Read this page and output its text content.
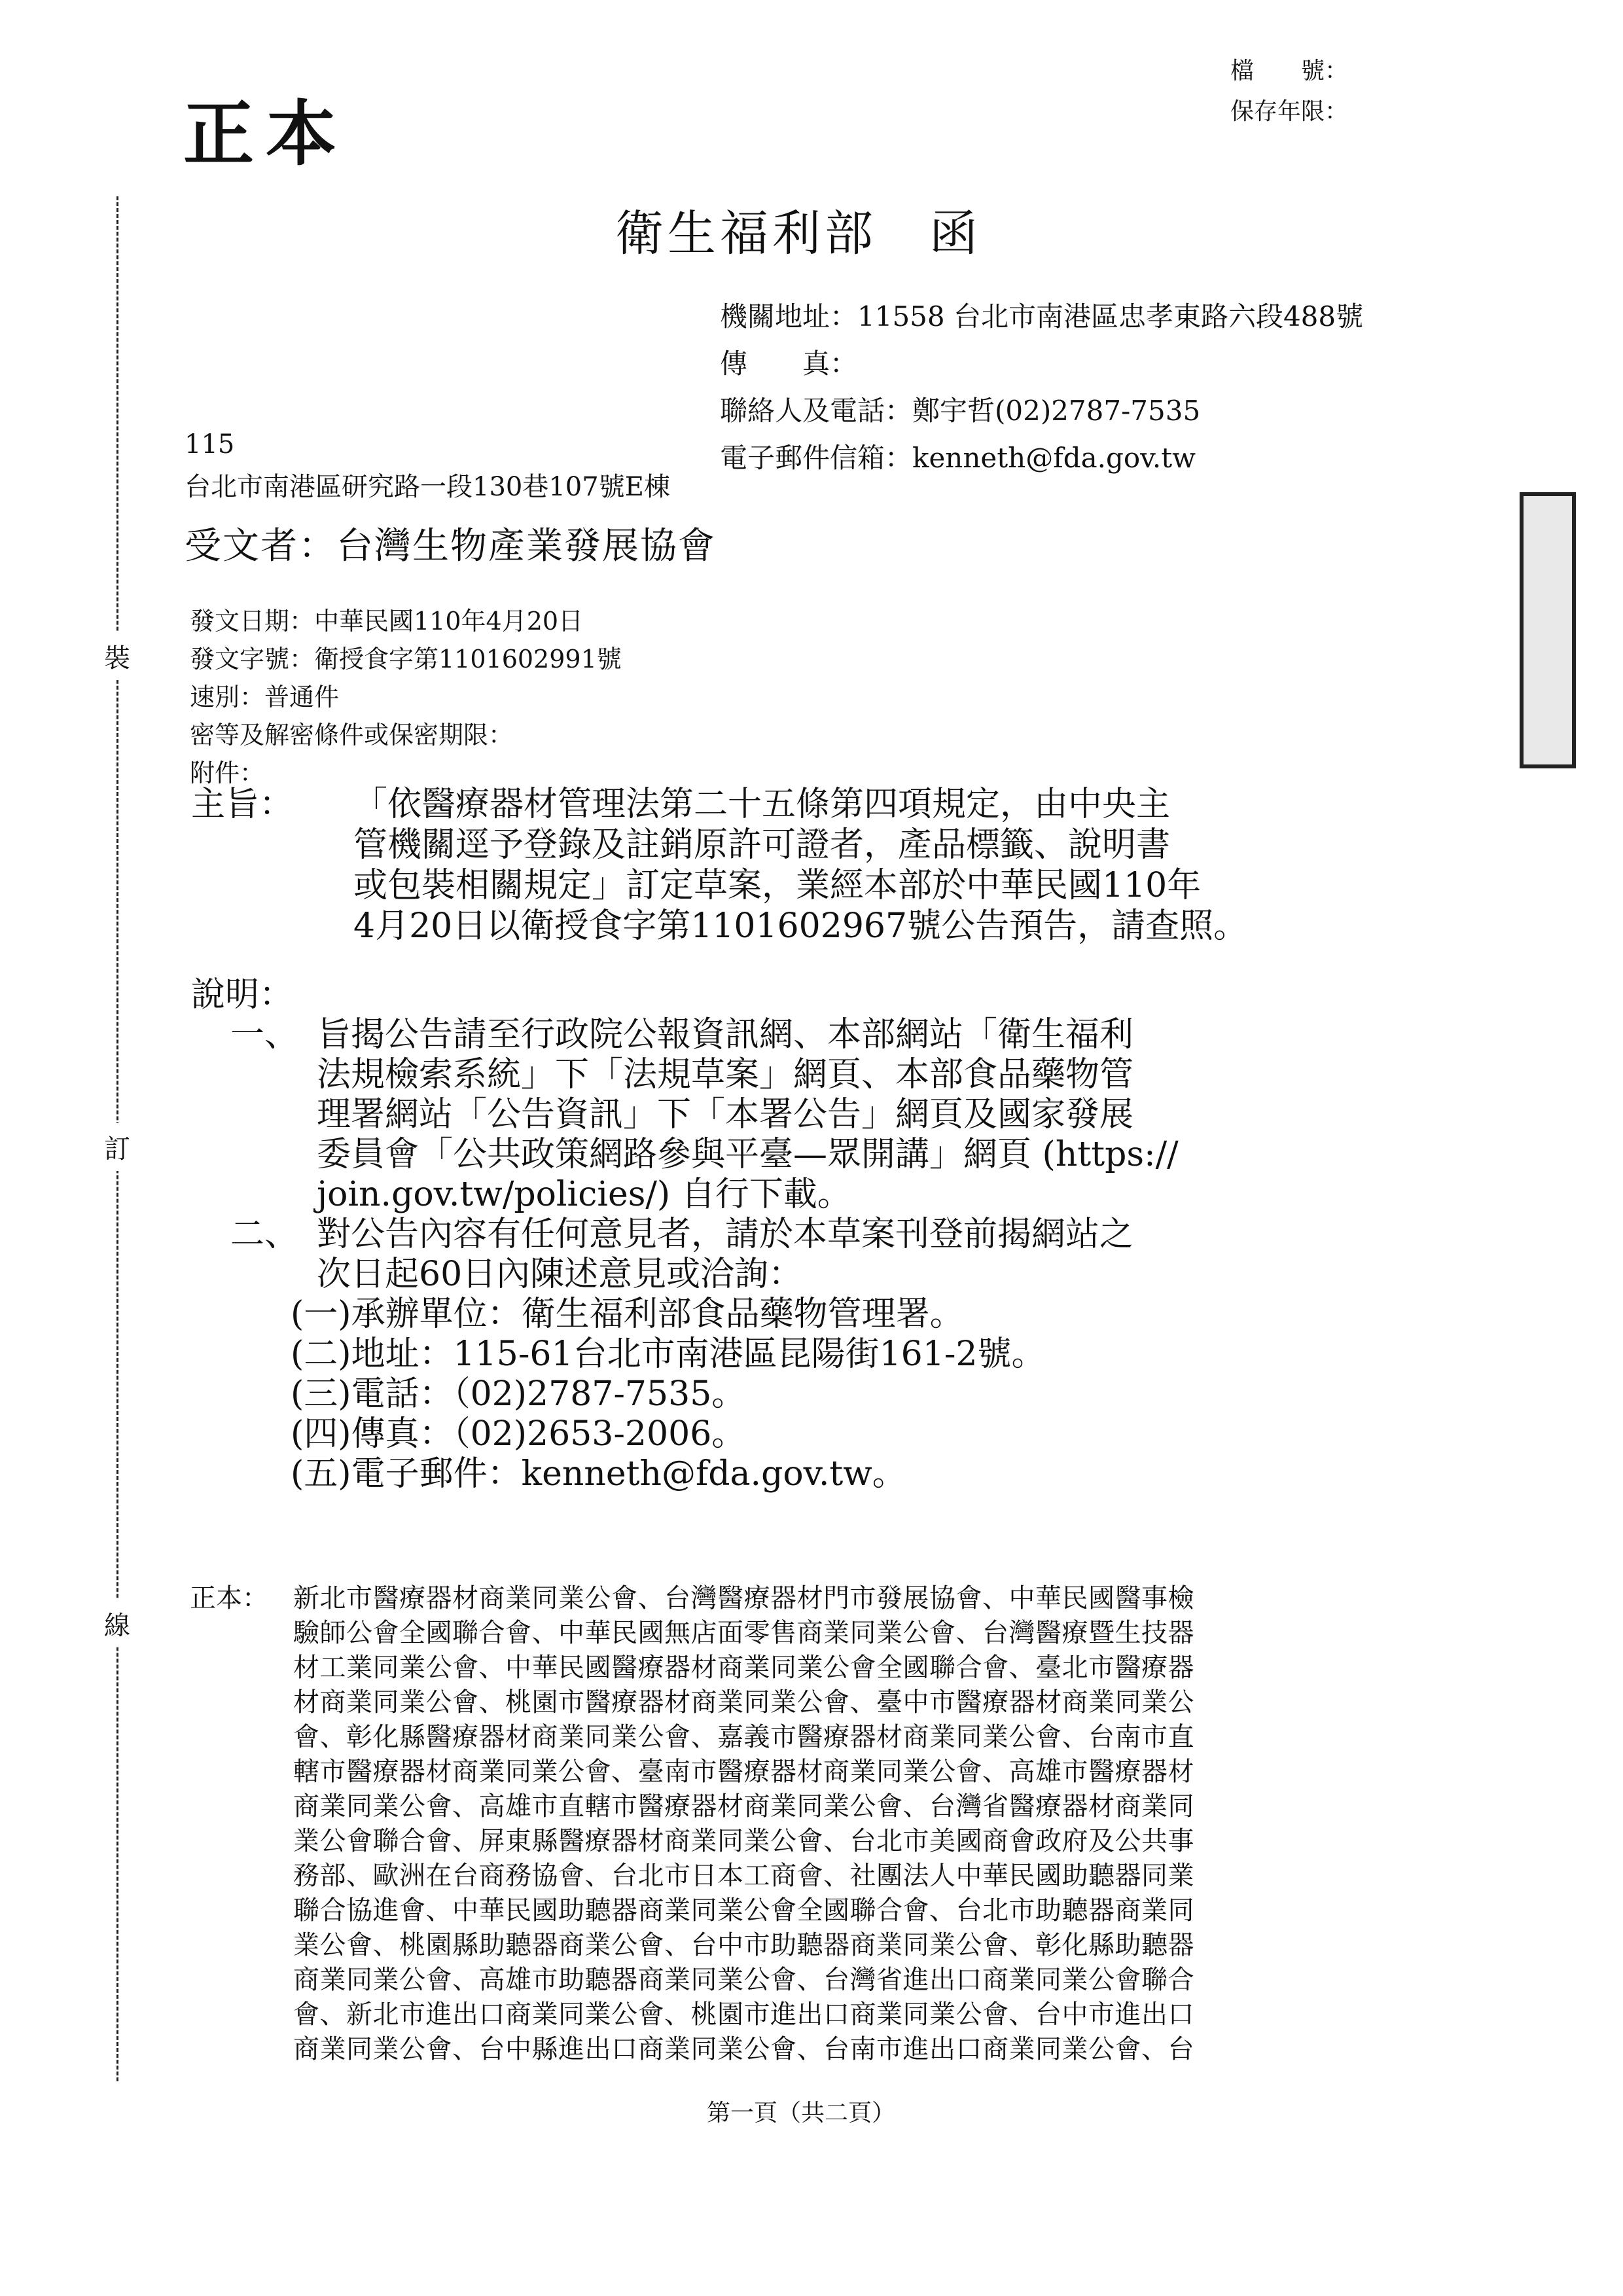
正本
檔　　號：
保存年限：
裝
訂
線
衛生福利部　函
機關地址：11558 台北市南港區忠孝東路六段488號
傳　　真：
聯絡人及電話：鄭宇哲(02)2787-7535
電子郵件信箱：kenneth@fda.gov.tw
115
台北市南港區研究路一段130巷107號E棟
受文者：台灣生物產業發展協會
發文日期：中華民國110年4月20日
發文字號：衛授食字第1101602991號
速別：普通件
密等及解密條件或保密期限：
附件：
主旨： 「依醫療器材管理法第二十五條第四項規定，由中央主
管機關逕予登錄及註銷原許可證者，產品標籤、說明書
或包裝相關規定」訂定草案，業經本部於中華民國110年
4月20日以衛授食字第1101602967號公告預告，請查照。
說明：
一、 旨揭公告請至行政院公報資訊網、本部網站「衛生福利
法規檢索系統」下「法規草案」網頁、本部食品藥物管
理署網站「公告資訊」下「本署公告」網頁及國家發展
委員會「公共政策網路參與平臺—眾開講」網頁 (https://
join.gov.tw/policies/) 自行下載。
二、 對公告內容有任何意見者，請於本草案刊登前揭網站之
次日起60日內陳述意見或洽詢：
(一)承辦單位：衛生福利部食品藥物管理署。
(二)地址：115-61台北市南港區昆陽街161-2號。
(三)電話：（02)2787-7535。
(四)傳真：（02)2653-2006。
(五)電子郵件：kenneth@fda.gov.tw。
正本： 新北市醫療器材商業同業公會、台灣醫療器材門市發展協會、中華民國醫事檢
驗師公會全國聯合會、中華民國無店面零售商業同業公會、台灣醫療暨生技器
材工業同業公會、中華民國醫療器材商業同業公會全國聯合會、臺北市醫療器
材商業同業公會、桃園市醫療器材商業同業公會、臺中市醫療器材商業同業公
會、彰化縣醫療器材商業同業公會、嘉義市醫療器材商業同業公會、台南市直
轄市醫療器材商業同業公會、臺南市醫療器材商業同業公會、高雄市醫療器材
商業同業公會、高雄市直轄市醫療器材商業同業公會、台灣省醫療器材商業同
業公會聯合會、屏東縣醫療器材商業同業公會、台北市美國商會政府及公共事
務部、歐洲在台商務協會、台北市日本工商會、社團法人中華民國助聽器同業
聯合協進會、中華民國助聽器商業同業公會全國聯合會、台北市助聽器商業同
業公會、桃園縣助聽器商業公會、台中市助聽器商業同業公會、彰化縣助聽器
商業同業公會、高雄市助聽器商業同業公會、台灣省進出口商業同業公會聯合
會、新北市進出口商業同業公會、桃園市進出口商業同業公會、台中市進出口
商業同業公會、台中縣進出口商業同業公會、台南市進出口商業同業公會、台
第一頁（共二頁）
